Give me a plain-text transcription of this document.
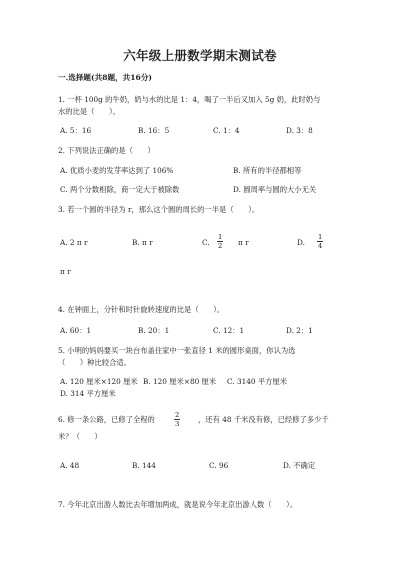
六年级上册数学期末测试卷
一.选择题(共8题，共16分)
1. 一杯 100g 的牛奶，奶与水的比是 1：4，喝了一半后又加入 5g 奶，此时奶与
水的比是（　　）。
A. 5：16	B. 16：5	C. 1：4	D. 3：8
2. 下列说法正确的是（　　）
A. 优质小麦的发芽率达到了 106%	B. 所有的半径都相等
C. 两个分数相除，商一定大于被除数	D. 圆周率与圆的大小无关
3. 若一个圆的半径为 r，那么这个圆的周长的一半是（　　）。
A. 2 π r	B. π r	C. $\frac{1}{2}$ π r	D. $\frac{1}{4}$
π r
4. 在钟面上，分针和时针旋转速度的比是（　　）。
A. 60：1	B. 20：1	C. 12：1	D. 2：1
5. 小明的妈妈要买一块台布盖住家中一张直径 1 米的圆形桌面，你认为选
（　　）种比较合适。
A. 120 厘米×120 厘米 B. 120 厘米×80 厘米 C. 3140 平方厘米
D. 314 平方厘米
6. 修一条公路，已修了全程的	$\frac{2}{3}$ ，还有 48 千米没有修，已经修了多少千
米？（　　）
A. 48	B. 144	C. 96	D. 不确定
7. 今年北京出游人数比去年增加两成，就是说今年北京出游人数（　　）。
